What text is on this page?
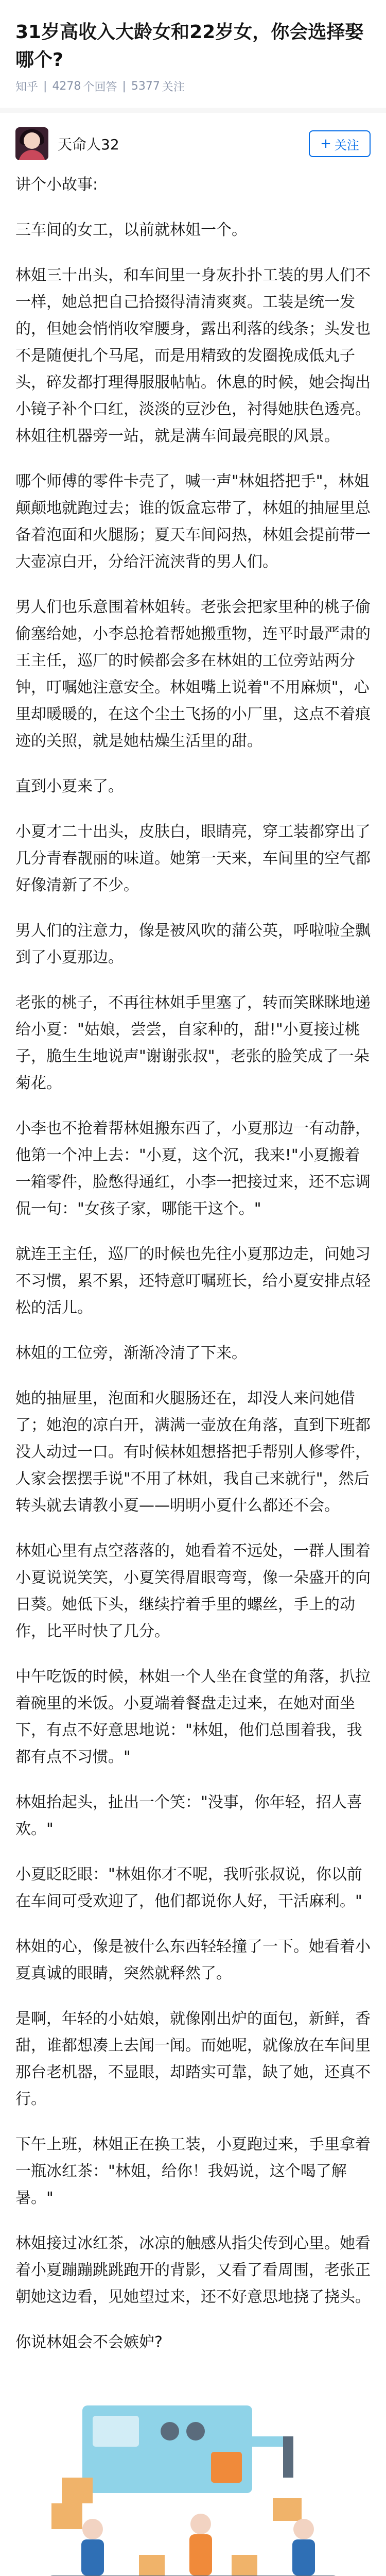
31岁高收入大龄女和22岁女，你会选择娶哪个?
知乎 | 4278 个回答 | 5377 关注
天命人32	+ 关注

讲个小故事:

三车间的女工，以前就林姐一个。

林姐三十出头，和车间里一身灰扑扑工装的男人们不一样，她总把自己拾掇得清清爽爽。工装是统一发的，但她会悄悄收窄腰身，露出利落的线条；头发也不是随便扎个马尾，而是用精致的发圈挽成低丸子头，碎发都打理得服服帖帖。休息的时候，她会掏出小镜子补个口红，淡淡的豆沙色，衬得她肤色透亮。林姐往机器旁一站，就是满车间最亮眼的风景。

哪个师傅的零件卡壳了，喊一声"林姐搭把手"，林姐颠颠地就跑过去；谁的饭盒忘带了，林姐的抽屉里总备着泡面和火腿肠；夏天车间闷热，林姐会提前带一大壶凉白开，分给汗流浃背的男人们。

男人们也乐意围着林姐转。老张会把家里种的桃子偷偷塞给她，小李总抢着帮她搬重物，连平时最严肃的王主任，巡厂的时候都会多在林姐的工位旁站两分钟，叮嘱她注意安全。林姐嘴上说着"不用麻烦"，心里却暖暖的，在这个尘土飞扬的小厂里，这点不着痕迹的关照，就是她枯燥生活里的甜。

直到小夏来了。

小夏才二十出头，皮肤白，眼睛亮，穿工装都穿出了几分青春靓丽的味道。她第一天来，车间里的空气都好像清新了不少。

男人们的注意力，像是被风吹的蒲公英，呼啦啦全飘到了小夏那边。

老张的桃子，不再往林姐手里塞了，转而笑眯眯地递给小夏："姑娘，尝尝，自家种的，甜!"小夏接过桃子，脆生生地说声"谢谢张叔"，老张的脸笑成了一朵菊花。

小李也不抢着帮林姐搬东西了，小夏那边一有动静，他第一个冲上去："小夏，这个沉，我来!"小夏搬着一箱零件，脸憋得通红，小李一把接过来，还不忘调侃一句："女孩子家，哪能干这个。"

就连王主任，巡厂的时候也先往小夏那边走，问她习不习惯，累不累，还特意叮嘱班长，给小夏安排点轻松的活儿。

林姐的工位旁，渐渐冷清了下来。

她的抽屉里，泡面和火腿肠还在，却没人来问她借了；她泡的凉白开，满满一壶放在角落，直到下班都没人动过一口。有时候林姐想搭把手帮别人修零件，人家会摆摆手说"不用了林姐，我自己来就行"，然后转头就去请教小夏——明明小夏什么都还不会。

林姐心里有点空落落的，她看着不远处，一群人围着小夏说说笑笑，小夏笑得眉眼弯弯，像一朵盛开的向日葵。她低下头，继续拧着手里的螺丝，手上的动作，比平时快了几分。

中午吃饭的时候，林姐一个人坐在食堂的角落，扒拉着碗里的米饭。小夏端着餐盘走过来，在她对面坐下，有点不好意思地说："林姐，他们总围着我，我都有点不习惯。"

林姐抬起头，扯出一个笑："没事，你年轻，招人喜欢。"

小夏眨眨眼："林姐你才不呢，我听张叔说，你以前在车间可受欢迎了，他们都说你人好，干活麻利。"

林姐的心，像是被什么东西轻轻撞了一下。她看着小夏真诚的眼睛，突然就释然了。

是啊，年轻的小姑娘，就像刚出炉的面包，新鲜，香甜，谁都想凑上去闻一闻。而她呢，就像放在车间里那台老机器，不显眼，却踏实可靠，缺了她，还真不行。

下午上班，林姐正在换工装，小夏跑过来，手里拿着一瓶冰红茶："林姐，给你！我妈说，这个喝了解暑。"

林姐接过冰红茶，冰凉的触感从指尖传到心里。她看着小夏蹦蹦跳跳跑开的背影，又看了看周围，老张正朝她这边看，见她望过来，还不好意思地挠了挠头。

你说林姐会不会嫉妒?
